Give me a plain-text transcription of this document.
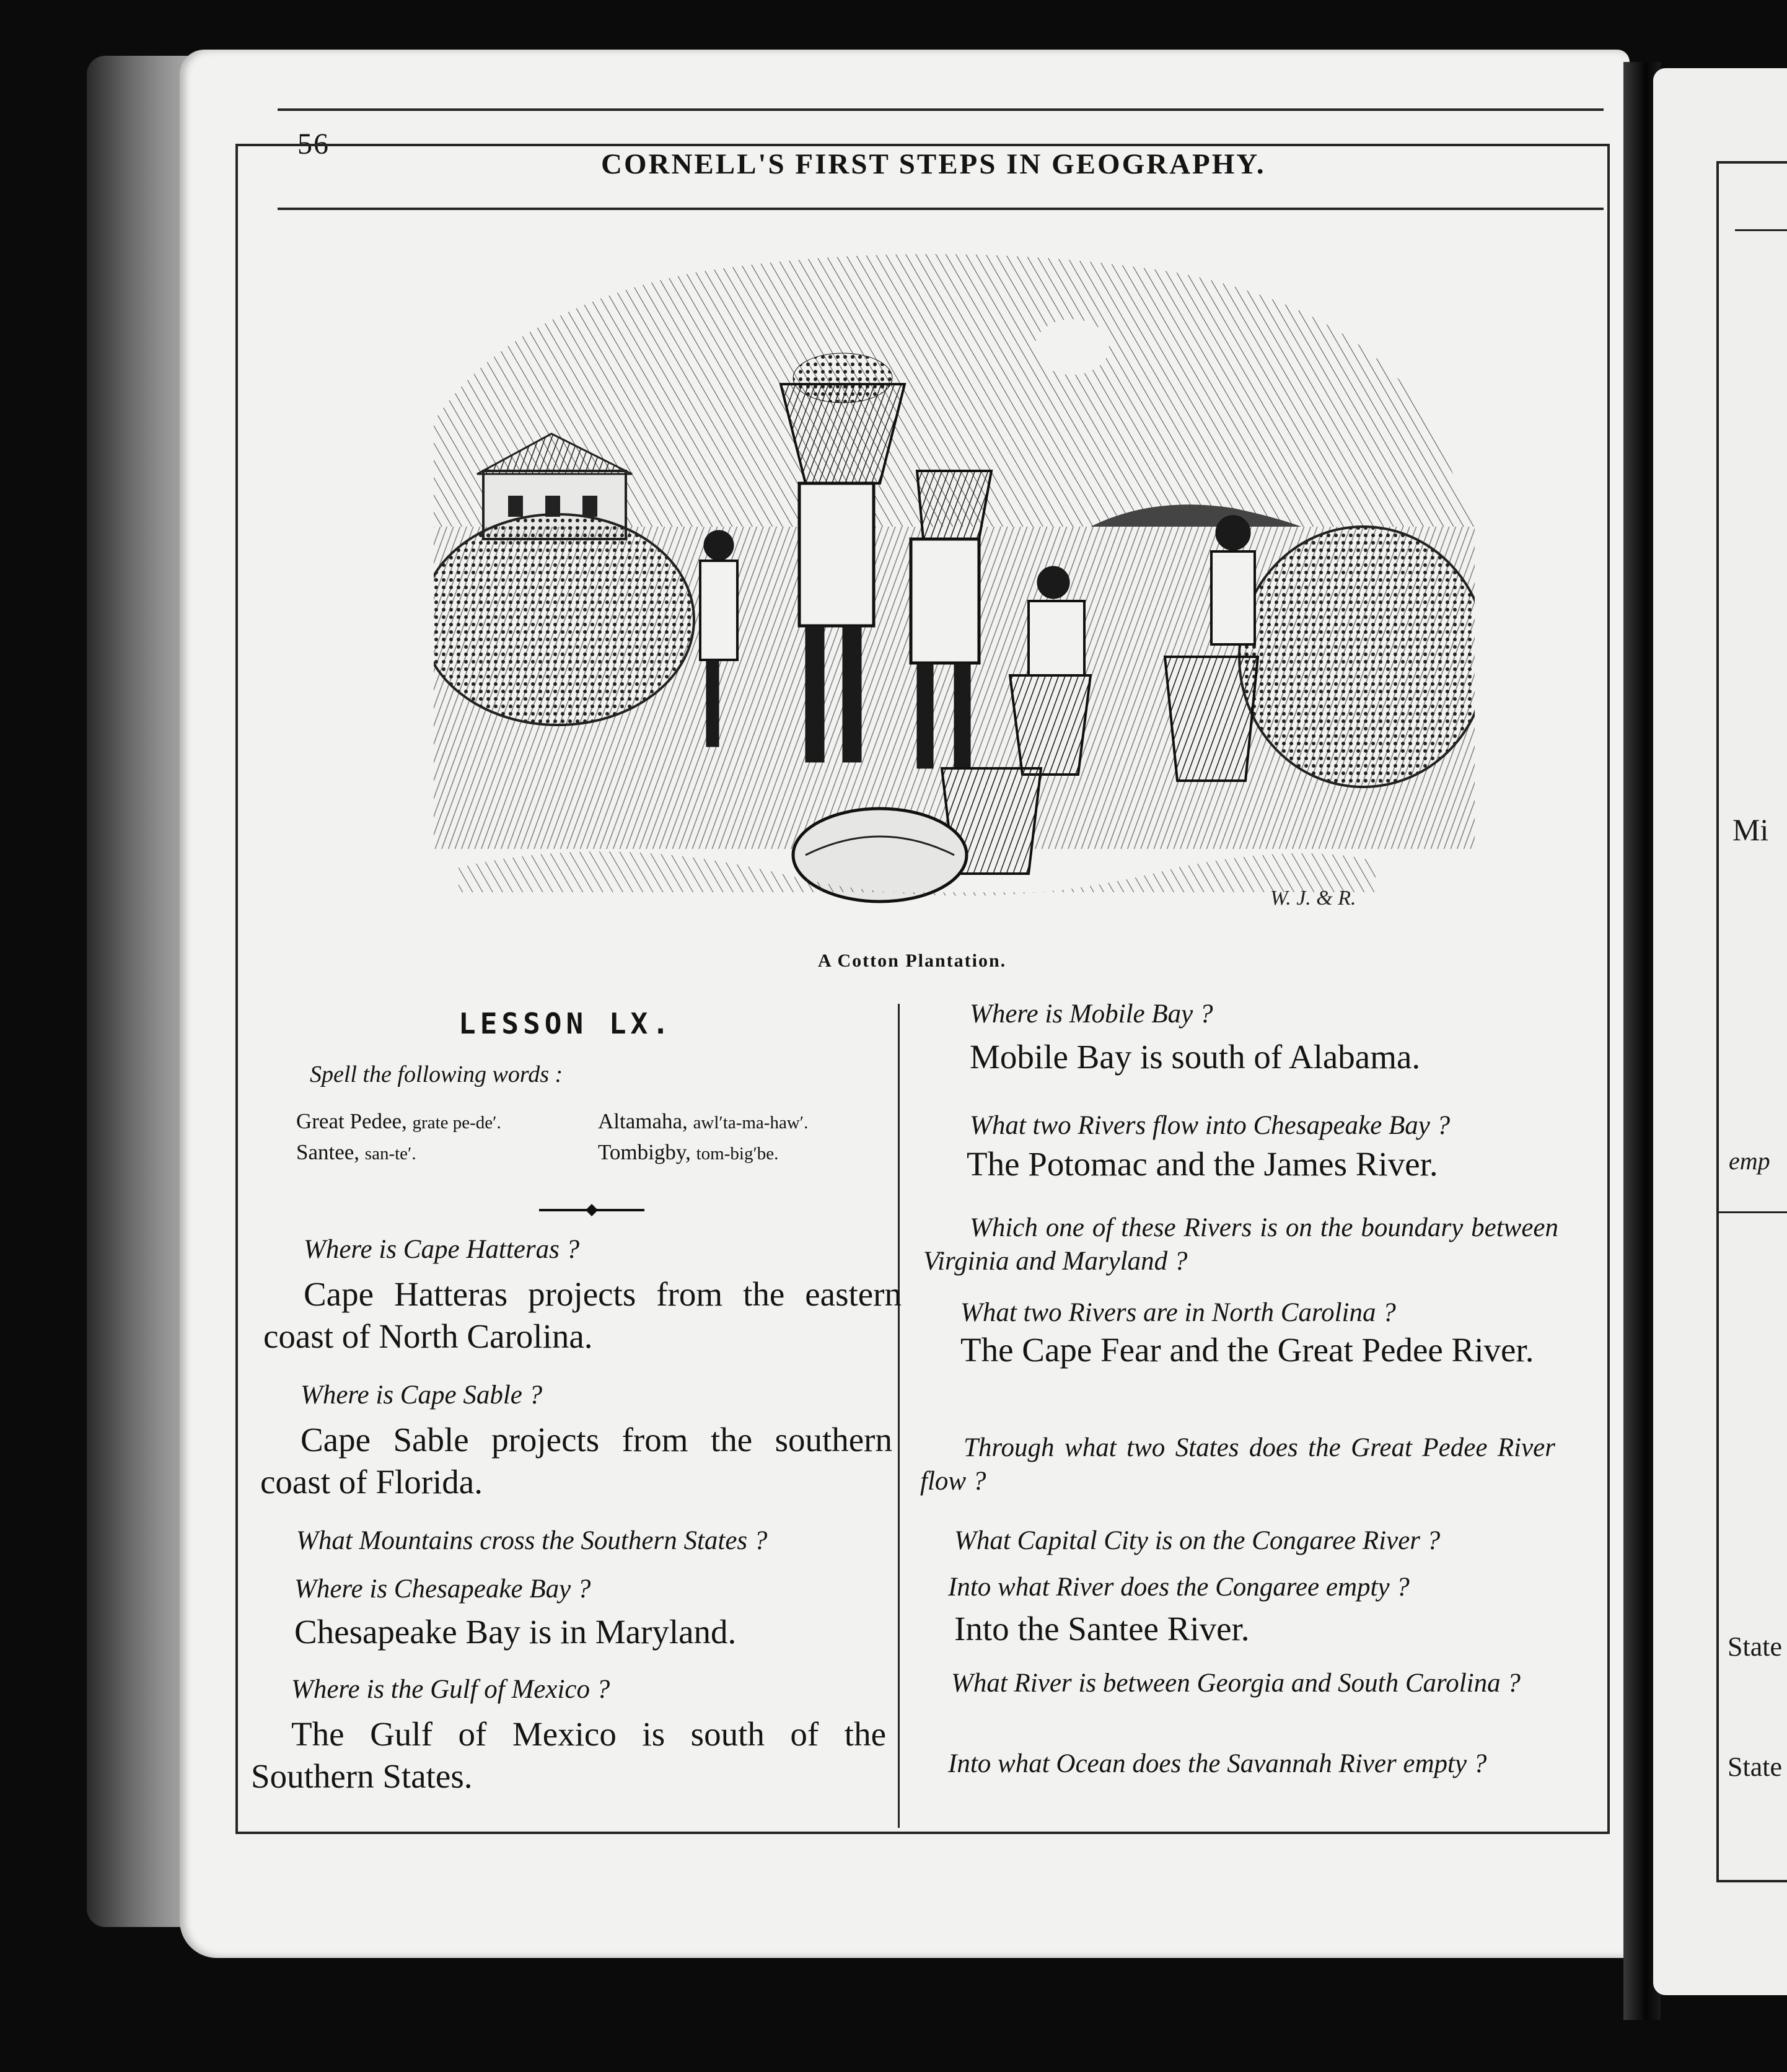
Mi
emp
State
State
56
CORNELL'S FIRST STEPS IN GEOGRAPHY.
W. J. & R.
A Cotton Plantation.
LESSON LX.
Spell the following words :
Great Pedee, grate pe-de′.	Altamaha, awl′ta-ma-haw′.
Santee, san-te′.	Tombigby, tom-big′be.

Where is Cape Hatteras ?

Cape Hatteras projects from the eastern coast of North Carolina.

Where is Cape Sable ?

Cape Sable projects from the southern coast of Florida.

What Mountains cross the Southern States ?

Where is Chesapeake Bay ?

Chesapeake Bay is in Maryland.

Where is the Gulf of Mexico ?

The Gulf of Mexico is south of the Southern States.

Where is Mobile Bay ?

Mobile Bay is south of Alabama.

What two Rivers flow into Chesapeake Bay ?

The Potomac and the James River.

Which one of these Rivers is on the boundary between Virginia and Maryland ?

What two Rivers are in North Carolina ?

The Cape Fear and the Great Pedee River.

Through what two States does the Great Pedee River flow ?

What Capital City is on the Congaree River ?

Into what River does the Congaree empty ?

Into the Santee River.

What River is between Georgia and South Carolina ?

Into what Ocean does the Savannah River empty ?
